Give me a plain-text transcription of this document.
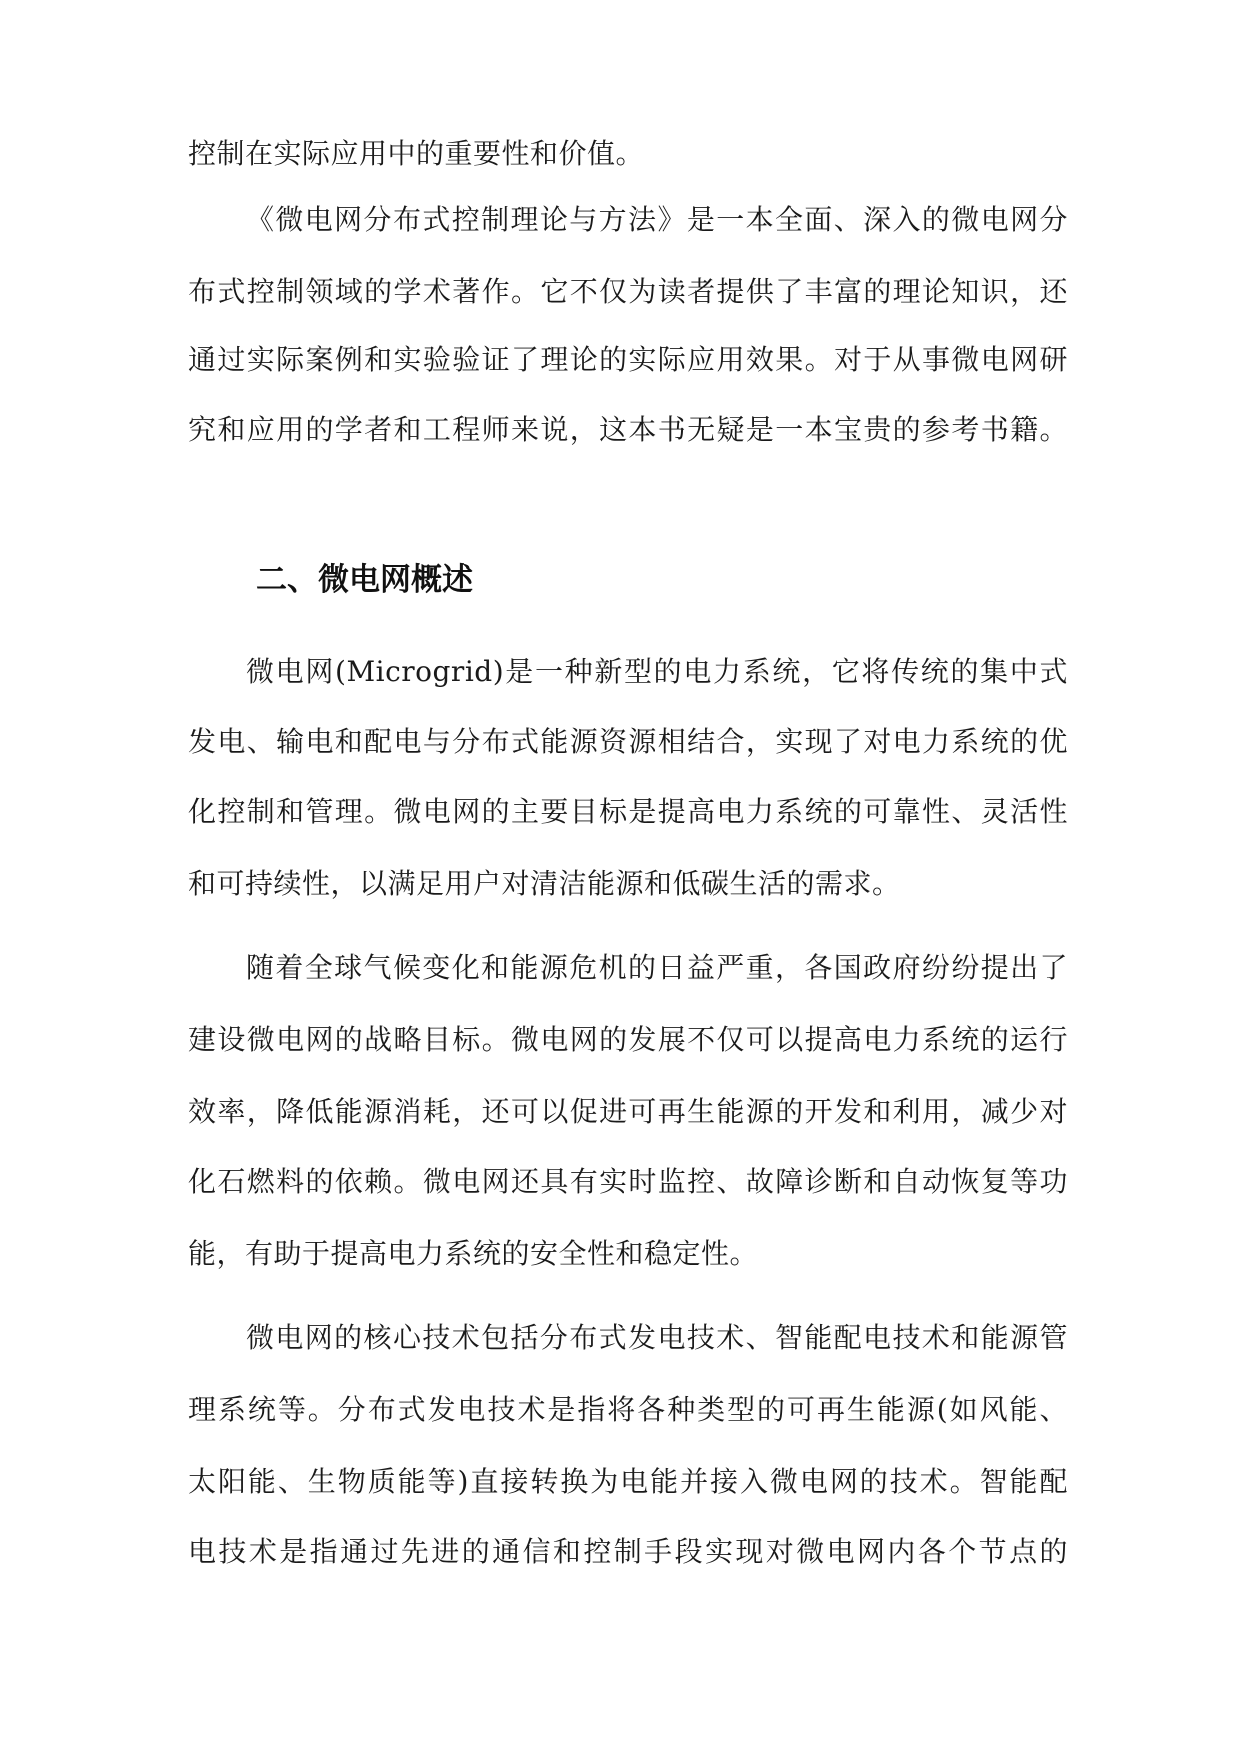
控制在实际应用中的重要性和价值。
《微电网分布式控制理论与方法》是一本全面、深入的微电网分
布式控制领域的学术著作。它不仅为读者提供了丰富的理论知识，还
通过实际案例和实验验证了理论的实际应用效果。对于从事微电网研
究和应用的学者和工程师来说，这本书无疑是一本宝贵的参考书籍。
二、微电网概述
微电网(Microgrid)是一种新型的电力系统，它将传统的集中式
发电、输电和配电与分布式能源资源相结合，实现了对电力系统的优
化控制和管理。微电网的主要目标是提高电力系统的可靠性、灵活性
和可持续性，以满足用户对清洁能源和低碳生活的需求。
随着全球气候变化和能源危机的日益严重，各国政府纷纷提出了
建设微电网的战略目标。微电网的发展不仅可以提高电力系统的运行
效率，降低能源消耗，还可以促进可再生能源的开发和利用，减少对
化石燃料的依赖。微电网还具有实时监控、故障诊断和自动恢复等功
能，有助于提高电力系统的安全性和稳定性。
微电网的核心技术包括分布式发电技术、智能配电技术和能源管
理系统等。分布式发电技术是指将各种类型的可再生能源(如风能、
太阳能、生物质能等)直接转换为电能并接入微电网的技术。智能配
电技术是指通过先进的通信和控制手段实现对微电网内各个节点的
